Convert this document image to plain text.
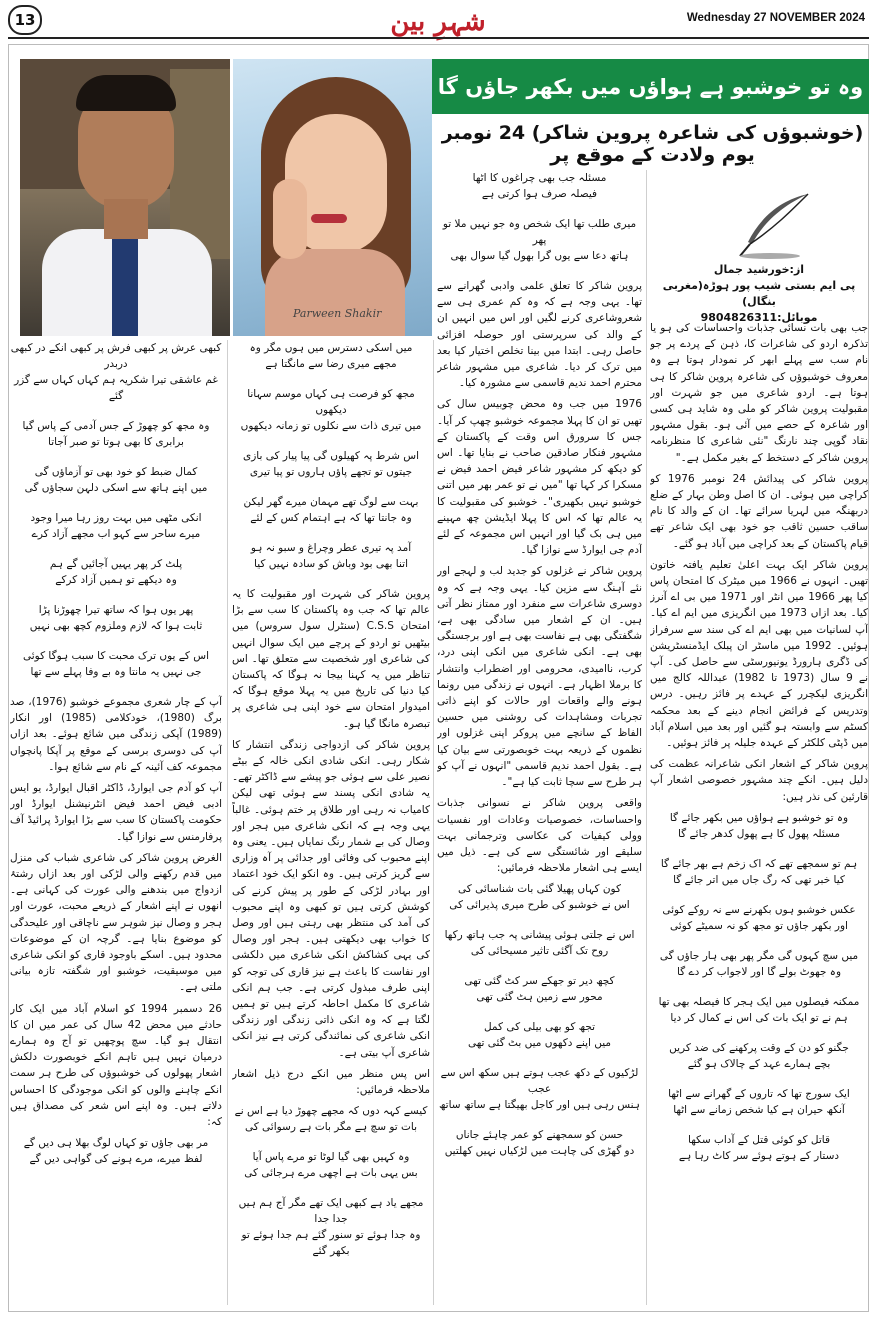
13	شہرِ بین	Wednesday 27 NOVEMBER 2024
Parween Shakir
وہ تو خوشبو ہے ہواؤں میں بکھر جاؤں گا
(خوشبوؤں کی شاعرہ پروین شاکر) 24 نومبر یوم ولادت کے موقع پر
از:خورشید جمال
پی ایم بستی شیب پور ہوڑہ(مغربی بنگال)
موبائل:9804826311

جب بھی بات نسائی جذبات واحساسات کی ہو یا تذکرہ اردو کی شاعرات کا، ذہن کے پردے پر جو نام سب سے پہلے ابھر کر نمودار ہوتا ہے وہ معروف خوشبوؤں کی شاعرہ پروین شاکر کا ہی ہوتا ہے۔ اردو شاعری میں جو شہرت اور مقبولیت پروین شاکر کو ملی وہ شاید ہی کسی اور شاعرہ کے حصے میں آئی ہو۔ بقول مشہور نقاد گوپی چند نارنگ "نئی شاعری کا منظرنامہ پروین شاکر کے دستخط کے بغیر مکمل ہے۔"

پروین شاکر کی پیدائش 24 نومبر 1976 کو کراچی میں ہوئی۔ ان کا اصل وطن بہار کے ضلع دربھنگہ میں لہریا سرائے تھا۔ ان کے والد کا نام ساقب حسین ثاقب جو خود بھی ایک شاعر تھے قیام پاکستان کے بعد کراچی میں آباد ہو گئے۔

پروین شاکر ایک بہت اعلیٰ تعلیم یافتہ خاتون تھیں۔ انہوں نے 1966 میں میٹرک کا امتحان پاس کیا پھر 1966 میں انٹر اور 1971 میں بی اے آنرز کیا۔ بعد ازاں 1973 میں انگریزی میں ایم اے کیا۔ آپ لسانیات میں بھی ایم اے کی سند سے سرفراز ہوئیں۔ 1992 میں ماسٹر ان پبلک ایڈمنسٹریشن کی ڈگری ہارورڈ یونیورسٹی سے حاصل کی۔ آپ نے 9 سال (1973 تا 1982) عبداللہ کالج میں انگریزی لیکچرر کے عہدے پر فائز رہیں۔ درس وتدریس کے فرائض انجام دینے کے بعد محکمہ کسٹم سے وابستہ ہو گئیں اور بعد میں اسلام آباد میں ڈپٹی کلکٹر کے عہدہ جلیلہ پر فائز ہوئیں۔

پروین شاکر کے اشعار انکی شاعرانہ عظمت کی دلیل ہیں۔ انکے چند مشہور خصوصی اشعار آپ قارئین کی نذر ہیں:

وہ تو خوشبو ہے ہواؤں میں بکھر جائے گا
مسئلہ پھول کا ہے پھول کدھر جائے گا
ہم تو سمجھے تھے کہ اک زخم ہے بھر جائے گا
کیا خبر تھی کہ رگ جاں میں اتر جائے گا
عکس خوشبو ہوں بکھرنے سے نہ روکے کوئی
اور بکھر جاؤں تو مجھ کو نہ سمیٹے کوئی
میں سچ کہوں گی مگر پھر بھی ہار جاؤں گی
وہ جھوٹ بولے گا اور لاجواب کر دے گا
ممکنہ فیصلوں میں ایک ہجر کا فیصلہ بھی تھا
ہم نے تو ایک بات کی اس نے کمال کر دیا
جگنو کو دن کے وقت پرکھنے کی ضد کریں
بچے ہمارے عہد کے چالاک ہو گئے
ایک سورج تھا کہ تاروں کے گھرانے سے اٹھا
آنکھ حیران ہے کیا شخص زمانے سے اٹھا
قاتل کو کوئی قتل کے آداب سکھا
دستار کے ہوتے ہوئے سر کاٹ رہا ہے
مسئلہ جب بھی چراغوں کا اٹھا
فیصلہ صرف ہوا کرتی ہے
میری طلب تھا ایک شخص وہ جو نہیں ملا تو پھر
ہاتھ دعا سے یوں گرا بھول گیا سوال بھی

پروین شاکر کا تعلق علمی وادبی گھرانے سے تھا۔ یہی وجہ ہے کہ وہ کم عمری ہی سے شعروشاعری کرنے لگیں اور اس میں انہیں ان کے والد کی سرپرستی اور حوصلہ افزائی حاصل رہی۔ ابتدا میں بینا تخلص اختیار کیا بعد میں ترک کر دیا۔ شاعری میں مشہور شاعر محترم احمد ندیم قاسمی سے مشورہ کیا۔

1976 میں جب وہ محض چوبیس سال کی تھیں تو ان کا پہلا مجموعہ خوشبو چھپ کر آیا۔ جس کا سرورق اس وقت کے پاکستان کے مشہور فنکار صادقین صاحب نے بنایا تھا۔ اس کو دیکھ کر مشہور شاعر فیض احمد فیض نے مسکرا کر کہا تھا "میں نے تو عمر بھر میں اتنی خوشبو نہیں بکھیری"۔ خوشبو کی مقبولیت کا یہ عالم تھا کہ اس کا پہلا ایڈیشن چھ مہینے میں ہی بک گیا اور انہیں اس مجموعہ کے لئے آدم جی ایوارڈ سے نوازا گیا۔

پروین شاکر نے غزلوں کو جدید لب و لہجے اور نئے آہنگ سے مزین کیا۔ یہی وجہ ہے کہ وہ دوسری شاعرات سے منفرد اور ممتاز نظر آتی ہیں۔ ان کے اشعار میں سادگی بھی ہے، شگفتگی بھی ہے نفاست بھی ہے اور برجستگی بھی ہے۔ انکی شاعری میں انکی اپنی درد، کرب، ناامیدی، محرومی اور اضطراب وانتشار کا برملا اظہار ہے۔ انہوں نے زندگی میں رونما ہونے والے واقعات اور حالات کو اپنے ذاتی تجربات ومشاہدات کی روشنی میں حسین الفاظ کے سانچے میں پروکر اپنی غزلوں اور نظموں کے ذریعہ بہت خوبصورتی سے بیان کیا ہے۔ بقول احمد ندیم قاسمی "انہوں نے آپ کو ہر طرح سے سچا ثابت کیا ہے"۔

واقعی پروین شاکر نے نسوانی جذبات واحساسات، خصوصیات وعادات اور نفسیات وولی کیفیات کی عکاسی وترجمانی بہت سلیقے اور شائستگی سے کی ہے۔ ذیل میں ایسے ہی اشعار ملاحظہ فرمائیں:

کون کہاں پھیلا گئی بات شناسائی کی
اس نے خوشبو کی طرح میری پذیرائی کی
اس نے جلتی ہوئی پیشانی پہ جب ہاتھ رکھا
روح تک آگئی تاثیر مسیحائی کی
کچھ دیر تو جھکے سر کٹ گئی تھی
محور سے زمین ہٹ گئی تھی
تجھ کو بھی بیلی کی کمل
میں اپنے دکھوں میں بٹ گئی تھی
لڑکیوں کے دکھ عجب ہوتے ہیں سکھ اس سے عجب
ہنس رہی ہیں اور کاجل بھیگتا ہے ساتھ ساتھ
حسن کو سمجھنے کو عمر چاہئے جاناں
دو گھڑی کی چاہت میں لڑکیاں نہیں کھلتیں
میں اسکی دسترس میں ہوں مگر وہ
مجھے میری رضا سے مانگتا ہے
مجھ کو فرصت ہی کہاں موسم سہانا دیکھوں
میں تیری ذات سے نکلوں تو زمانہ دیکھوں
اس شرط پہ کھیلوں گی پیا پیار کی بازی
جیتوں تو تجھے پاؤں ہاروں تو پیا تیری
بہت سے لوگ تھے مہمان میرے گھر لیکن
وہ جانتا تھا کہ ہے اہتمام کس کے لئے
آمد پہ تیری عطر وچراغ و سبو نہ ہو
اتنا بھی بود وباش کو سادہ نہیں کیا

پروین شاکر کی شہرت اور مقبولیت کا یہ عالم تھا کہ جب وہ پاکستان کا سب سے بڑا امتحان C.S.S (سنٹرل سول سروس) میں بیٹھیں تو اردو کے پرچے میں ایک سوال انہیں کی شاعری اور شخصیت سے متعلق تھا۔ اس تناظر میں یہ کہنا بیجا نہ ہوگا کہ پاکستان کیا دنیا کی تاریخ میں یہ پہلا موقع ہوگا کہ امیدوار امتحان سے خود اپنی ہی شاعری پر تبصرہ مانگا گیا ہو۔

پروین شاکر کی ازدواجی زندگی انتشار کا شکار رہی۔ انکی شادی انکی خالہ کے بیٹے نصیر علی سے ہوئی جو پیشے سے ڈاکٹر تھے۔ یہ شادی انکی پسند سے ہوئی تھی لیکن کامیاب نہ رہی اور طلاق پر ختم ہوئی۔ غالباً یہی وجہ ہے کہ انکی شاعری میں ہجر اور وصال کی بے شمار رنگ نمایاں ہیں۔ یعنی وہ اپنے محبوب کی وفائی اور جدائی پر آہ وزاری سے گریز کرتی ہیں۔ وہ انکو ایک خود اعتماد اور بہادر لڑکی کے طور پر پیش کرنے کی کوشش کرتی ہیں تو کبھی وہ اپنے محبوب کی آمد کی منتظر بھی رہتی ہیں اور وصل کا خواب بھی دیکھتی ہیں۔ ہجر اور وصال کی یہی کشاکش انکی شاعری میں دلکشی اور نفاست کا باعث ہے نیز قاری کی توجہ کو اپنی طرف مبذول کرتی ہے۔ جب ہم انکی شاعری کا مکمل احاطہ کرتے ہیں تو ہمیں لگتا ہے کہ وہ انکی ذاتی زندگی اور زندگی انکی شاعری کی نمائندگی کرتی ہے نیز انکی شاعری آپ بیتی ہے۔

اس پس منظر میں انکے درج ذیل اشعار ملاحظہ فرمائیں:

کیسے کہہ دوں کہ مجھے چھوڑ دیا ہے اس نے
بات تو سچ ہے مگر بات ہے رسوائی کی
وہ کہیں بھی گیا لوٹا تو مرے پاس آیا
بس یہی بات ہے اچھی مرے ہرجائی کی
مجھے یاد ہے کبھی ایک تھے مگر آج ہم ہیں جدا جدا
وہ جدا ہوئے تو سنور گئے ہم جدا ہوئے تو بکھر گئے
کبھی عرش پر کبھی فرش پر کبھی انکے در کبھی دربدر
غم عاشقی تیرا شکریہ ہم کہاں کہاں سے گزر گئے
وہ مجھ کو چھوڑ کے جس آدمی کے پاس گیا
برابری کا بھی ہوتا تو صبر آجاتا
کمال ضبط کو خود بھی تو آزماؤں گی
میں اپنے ہاتھ سے اسکی دلہن سجاؤں گی
انکی مٹھی میں بہت روز رہا میرا وجود
میرے ساحر سے کہو اب مجھے آزاد کرے
پلٹ کر پھر یہیں آجائیں گے ہم
وہ دیکھے تو ہمیں آزاد کرکے
پھر یوں ہوا کہ ساتھ تیرا چھوڑنا پڑا
ثابت ہوا کہ لازم وملزوم کچھ بھی نہیں
اس کے یوں ترک محبت کا سبب ہوگا کوئی
جی نہیں یہ مانتا وہ بے وفا پہلے سے تھا

آپ کے چار شعری مجموعے خوشبو (1976)، صد برگ (1980)، خودکلامی (1985) اور انکار (1989) آپکی زندگی میں شائع ہوئے۔ بعد ازاں آپ کی دوسری برسی کے موقع پر آپکا پانچواں مجموعہ کف آئینہ کے نام سے شائع ہوا۔

آپ کو آدم جی ایوارڈ، ڈاکٹر اقبال ایوارڈ، یو ایس ادبی فیض احمد فیض انٹرنیشنل ایوارڈ اور حکومت پاکستان کا سب سے بڑا ایوارڈ پرائیڈ آف پرفارمنس سے نوازا گیا۔

الغرض پروین شاکر کی شاعری شباب کی منزل میں قدم رکھنے والی لڑکی اور بعد ازاں رشتۂ ازدواج میں بندھنے والی عورت کی کہانی ہے۔ انھوں نے اپنے اشعار کے ذریعے محبت، عورت اور ہجر و وصال نیز شوہر سے ناچاقی اور علیحدگی کو موضوع بنایا ہے۔ گرچہ ان کے موضوعات محدود ہیں۔ اسکے باوجود قاری کو انکی شاعری میں موسیقیت، خوشبو اور شگفتہ تازہ بیانی ملتی ہے۔

26 دسمبر 1994 کو اسلام آباد میں ایک کار حادثے میں محض 42 سال کی عمر میں ان کا انتقال ہو گیا۔ سچ پوچھیں تو آج وہ ہمارے درمیان نہیں ہیں تاہم انکے خوبصورت دلکش اشعار پھولوں کی خوشبوؤں کی طرح ہر سمت انکے چاہنے والوں کو انکی موجودگی کا احساس دلاتے ہیں۔ وہ اپنے اس شعر کی مصداق ہیں کہ:

مر بھی جاؤں تو کہاں لوگ بھلا ہی دیں گے
لفظ میرے، مرے ہونے کی گواہی دیں گے
